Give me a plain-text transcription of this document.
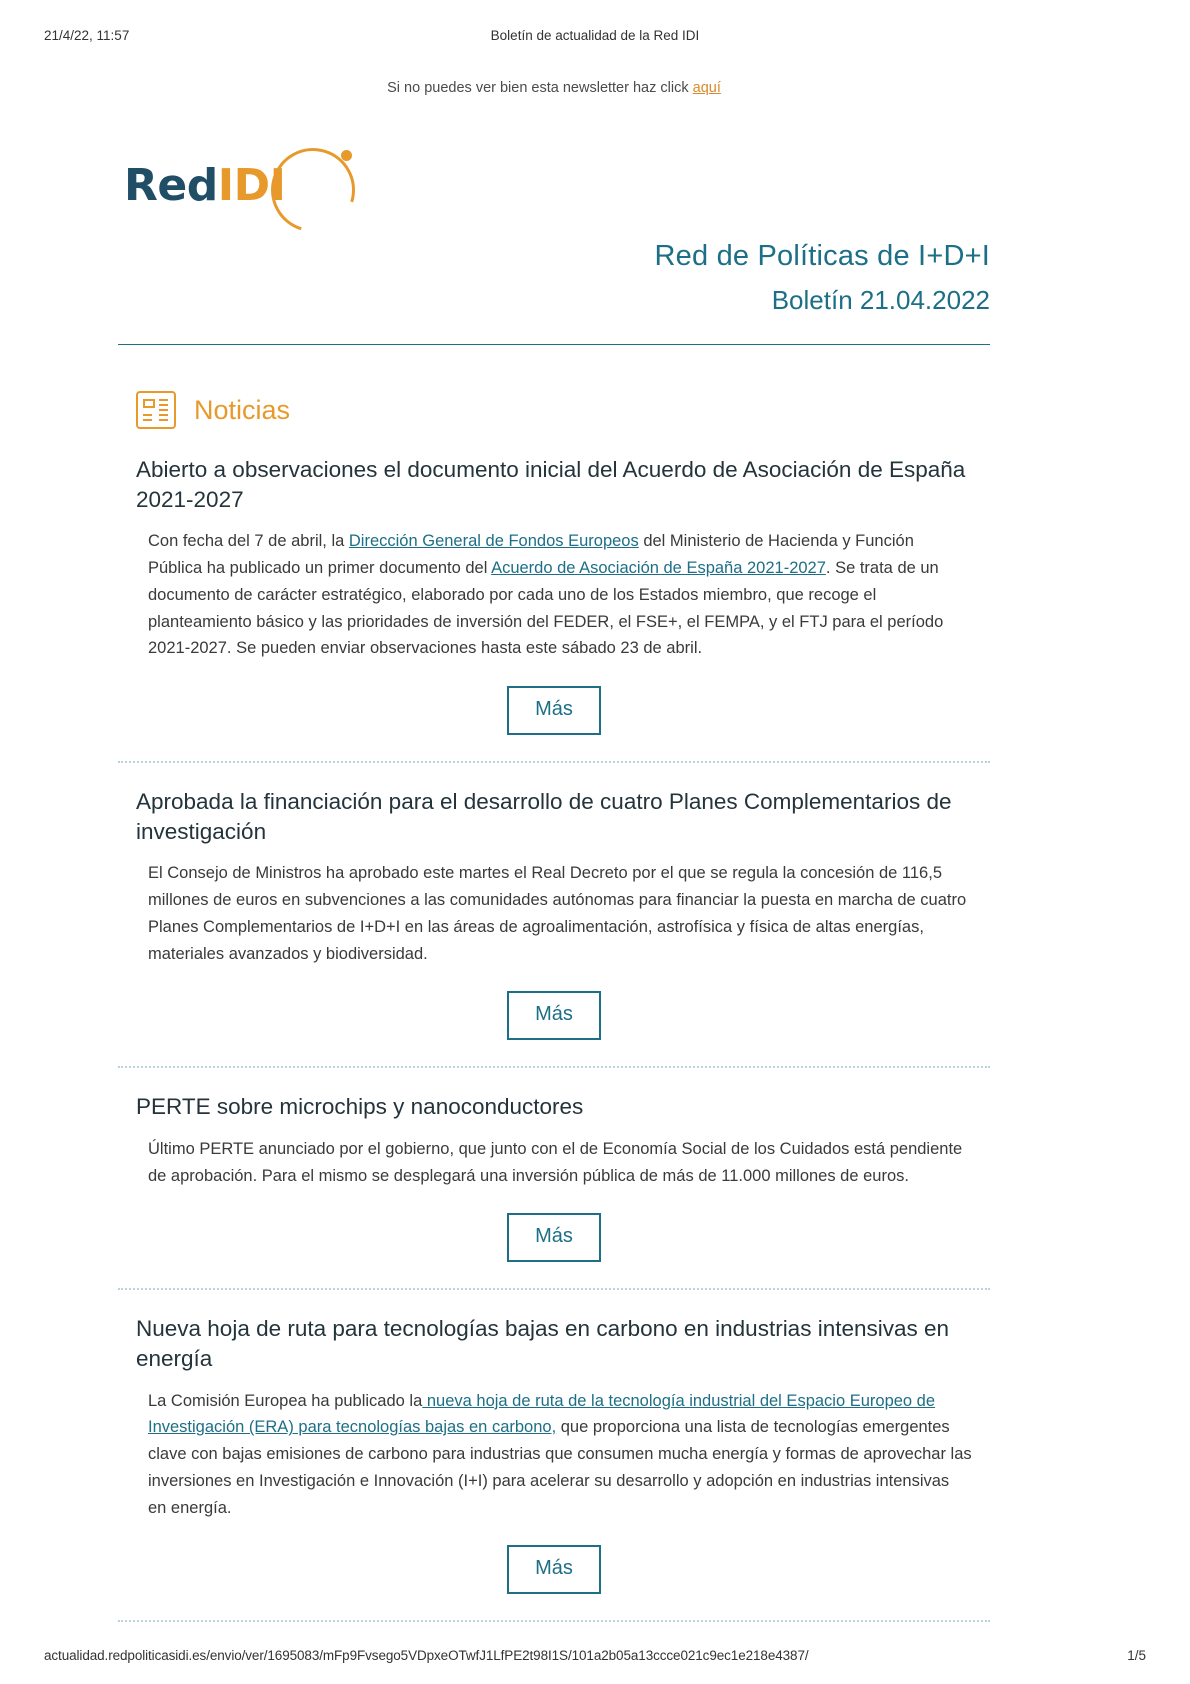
21/4/22, 11:57	Boletín de actualidad de la Red IDI

Si no puedes ver bien esta newsletter haz click aquí

RedIDI
Red de Políticas de I+D+I
Boletín 21.04.2022
Noticias
Abierto a observaciones el documento inicial del Acuerdo de Asociación de España 2021-2027

Con fecha del 7 de abril, la Dirección General de Fondos Europeos del Ministerio de Hacienda y Función Pública ha publicado un primer documento del Acuerdo de Asociación de España 2021-2027. Se trata de un documento de carácter estratégico, elaborado por cada uno de los Estados miembro, que recoge el planteamiento básico y las prioridades de inversión del FEDER, el FSE+, el FEMPA, y el FTJ para el período 2021-2027. Se pueden enviar observaciones hasta este sábado 23 de abril.

Más
Aprobada la financiación para el desarrollo de cuatro Planes Complementarios de investigación

El Consejo de Ministros ha aprobado este martes el Real Decreto por el que se regula la concesión de 116,5 millones de euros en subvenciones a las comunidades autónomas para financiar la puesta en marcha de cuatro Planes Complementarios de I+D+I en las áreas de agroalimentación, astrofísica y física de altas energías, materiales avanzados y biodiversidad.

Más
PERTE sobre microchips y nanoconductores

Último PERTE anunciado por el gobierno, que junto con el de Economía Social de los Cuidados está pendiente de aprobación. Para el mismo se desplegará una inversión pública de más de 11.000 millones de euros.

Más
Nueva hoja de ruta para tecnologías bajas en carbono en industrias intensivas en energía

La Comisión Europea ha publicado la nueva hoja de ruta de la tecnología industrial del Espacio Europeo de Investigación (ERA) para tecnologías bajas en carbono, que proporciona una lista de tecnologías emergentes clave con bajas emisiones de carbono para industrias que consumen mucha energía y formas de aprovechar las inversiones en Investigación e Innovación (I+I) para acelerar su desarrollo y adopción en industrias intensivas en energía.

Más
actualidad.redpoliticasidi.es/envio/ver/1695083/mFp9Fvsego5VDpxeOTwfJ1LfPE2t98I1S/101a2b05a13ccce021c9ec1e218e4387/	1/5
